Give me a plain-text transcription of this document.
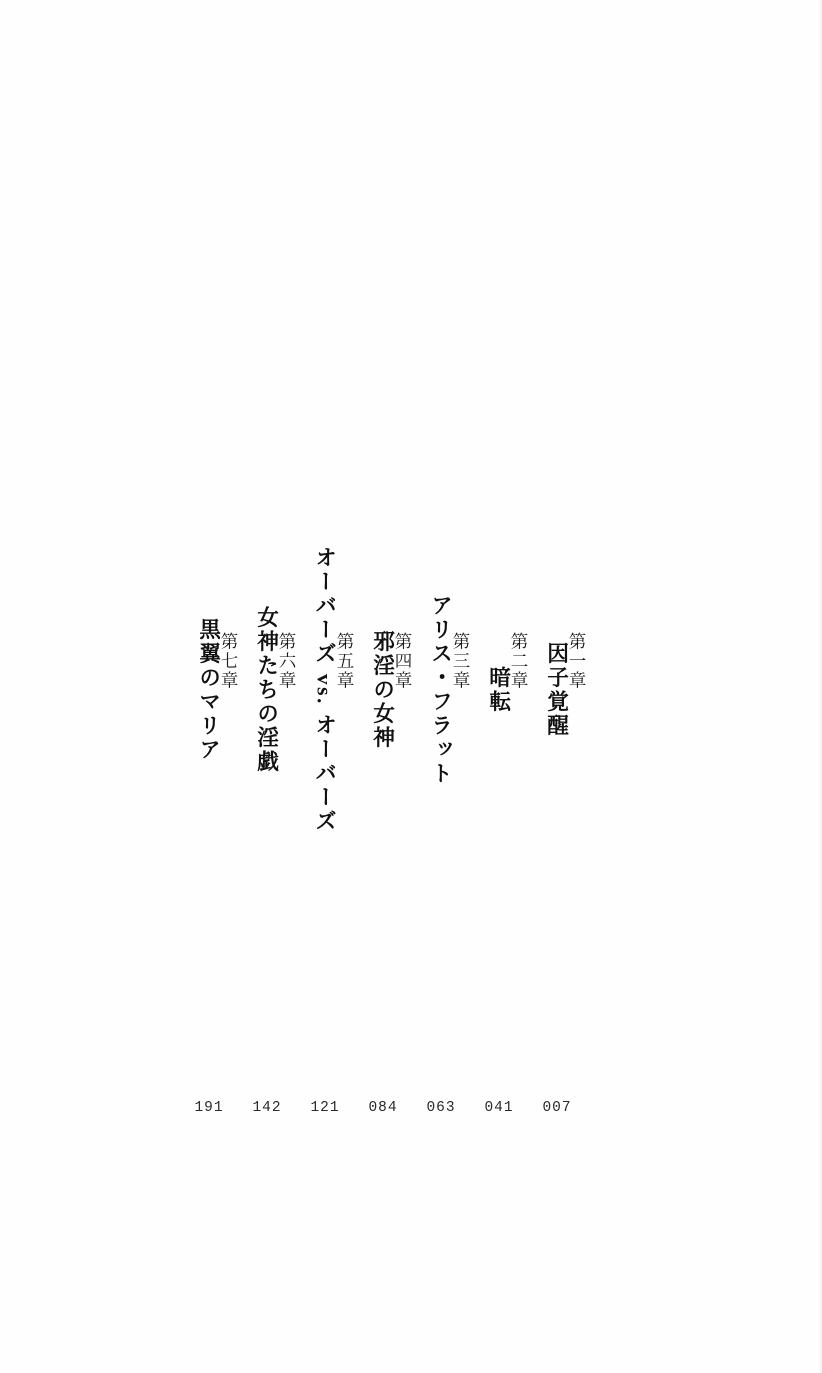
第一章
因子覚醒
第二章
暗転
第三章
アリス・フラット
第四章
邪淫の女神
第五章
オーバーズ vs. オーバーズ
第六章
女神たちの淫戯
第七章
黒翼のマリア
007
041
063
084
121
142
191
